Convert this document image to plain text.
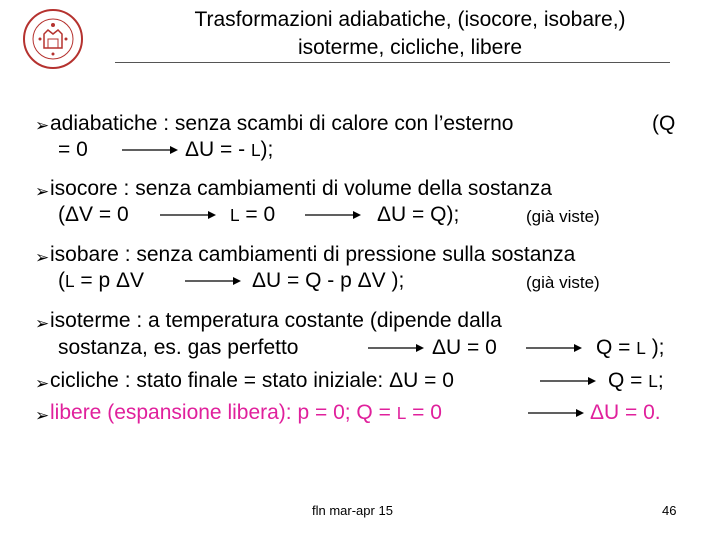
Trasformazioni adiabatiche, (isocore, isobare,)
isoterme, cicliche, libere
➢ adiabatiche : senza scambi di calore con l’esterno	(Q
= 0	ΔU = - L);
➢ isocore : senza cambiamenti di volume della sostanza
(ΔV = 0	L = 0	ΔU = Q);	(già viste)
➢ isobare : senza cambiamenti di pressione sulla sostanza
(L = p ΔV	ΔU = Q - p ΔV );	(già viste)
➢ isoterme : a temperatura costante (dipende dalla
sostanza, es. gas perfetto	ΔU = 0	Q = L );
➢ cicliche : stato finale = stato iniziale: ΔU = 0	Q = L;
➢ libere (espansione libera): p = 0; Q = L = 0	ΔU = 0.
fln mar-apr 15	46
